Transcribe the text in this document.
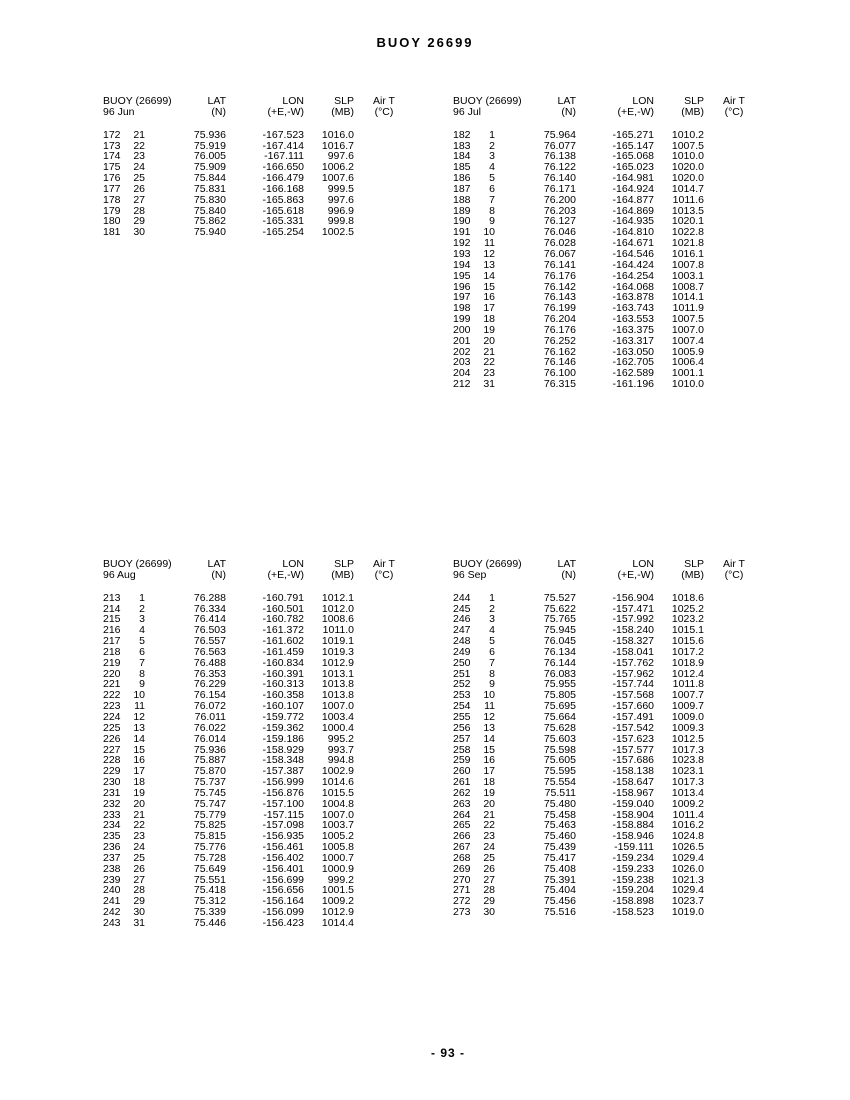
BUOY 26699
BUOY (26699)	LAT	LON	SLP	Air T
96 Jun	(N)	(+E,-W)	(MB)	(°C)
172	21	75.936	-167.523	1016.0
173	22	75.919	-167.414	1016.7
174	23	76.005	-167.111	997.6
175	24	75.909	-166.650	1006.2
176	25	75.844	-166.479	1007.6
177	26	75.831	-166.168	999.5
178	27	75.830	-165.863	997.6
179	28	75.840	-165.618	996.9
180	29	75.862	-165.331	999.8
181	30	75.940	-165.254	1002.5
BUOY (26699)	LAT	LON	SLP	Air T
96 Jul	(N)	(+E,-W)	(MB)	(°C)
182	1	75.964	-165.271	1010.2
183	2	76.077	-165.147	1007.5
184	3	76.138	-165.068	1010.0
185	4	76.122	-165.023	1020.0
186	5	76.140	-164.981	1020.0
187	6	76.171	-164.924	1014.7
188	7	76.200	-164.877	1011.6
189	8	76.203	-164.869	1013.5
190	9	76.127	-164.935	1020.1
191	10	76.046	-164.810	1022.8
192	11	76.028	-164.671	1021.8
193	12	76.067	-164.546	1016.1
194	13	76.141	-164.424	1007.8
195	14	76.176	-164.254	1003.1
196	15	76.142	-164.068	1008.7
197	16	76.143	-163.878	1014.1
198	17	76.199	-163.743	1011.9
199	18	76.204	-163.553	1007.5
200	19	76.176	-163.375	1007.0
201	20	76.252	-163.317	1007.4
202	21	76.162	-163.050	1005.9
203	22	76.146	-162.705	1006.4
204	23	76.100	-162.589	1001.1
212	31	76.315	-161.196	1010.0
BUOY (26699)	LAT	LON	SLP	Air T
96 Aug	(N)	(+E,-W)	(MB)	(°C)
213	1	76.288	-160.791	1012.1
214	2	76.334	-160.501	1012.0
215	3	76.414	-160.782	1008.6
216	4	76.503	-161.372	1011.0
217	5	76.557	-161.602	1019.1
218	6	76.563	-161.459	1019.3
219	7	76.488	-160.834	1012.9
220	8	76.353	-160.391	1013.1
221	9	76.229	-160.313	1013.8
222	10	76.154	-160.358	1013.8
223	11	76.072	-160.107	1007.0
224	12	76.011	-159.772	1003.4
225	13	76.022	-159.362	1000.4
226	14	76.014	-159.186	995.2
227	15	75.936	-158.929	993.7
228	16	75.887	-158.348	994.8
229	17	75.870	-157.387	1002.9
230	18	75.737	-156.999	1014.6
231	19	75.745	-156.876	1015.5
232	20	75.747	-157.100	1004.8
233	21	75.779	-157.115	1007.0
234	22	75.825	-157.098	1003.7
235	23	75.815	-156.935	1005.2
236	24	75.776	-156.461	1005.8
237	25	75.728	-156.402	1000.7
238	26	75.649	-156.401	1000.9
239	27	75.551	-156.699	999.2
240	28	75.418	-156.656	1001.5
241	29	75.312	-156.164	1009.2
242	30	75.339	-156.099	1012.9
243	31	75.446	-156.423	1014.4
BUOY (26699)	LAT	LON	SLP	Air T
96 Sep	(N)	(+E,-W)	(MB)	(°C)
244	1	75.527	-156.904	1018.6
245	2	75.622	-157.471	1025.2
246	3	75.765	-157.992	1023.2
247	4	75.945	-158.240	1015.1
248	5	76.045	-158.327	1015.6
249	6	76.134	-158.041	1017.2
250	7	76.144	-157.762	1018.9
251	8	76.083	-157.962	1012.4
252	9	75.955	-157.744	1011.8
253	10	75.805	-157.568	1007.7
254	11	75.695	-157.660	1009.7
255	12	75.664	-157.491	1009.0
256	13	75.628	-157.542	1009.3
257	14	75.603	-157.623	1012.5
258	15	75.598	-157.577	1017.3
259	16	75.605	-157.686	1023.8
260	17	75.595	-158.138	1023.1
261	18	75.554	-158.647	1017.3
262	19	75.511	-158.967	1013.4
263	20	75.480	-159.040	1009.2
264	21	75.458	-158.904	1011.4
265	22	75.463	-158.884	1016.2
266	23	75.460	-158.946	1024.8
267	24	75.439	-159.111	1026.5
268	25	75.417	-159.234	1029.4
269	26	75.408	-159.233	1026.0
270	27	75.391	-159.238	1021.3
271	28	75.404	-159.204	1029.4
272	29	75.456	-158.898	1023.7
273	30	75.516	-158.523	1019.0
- 93 -
